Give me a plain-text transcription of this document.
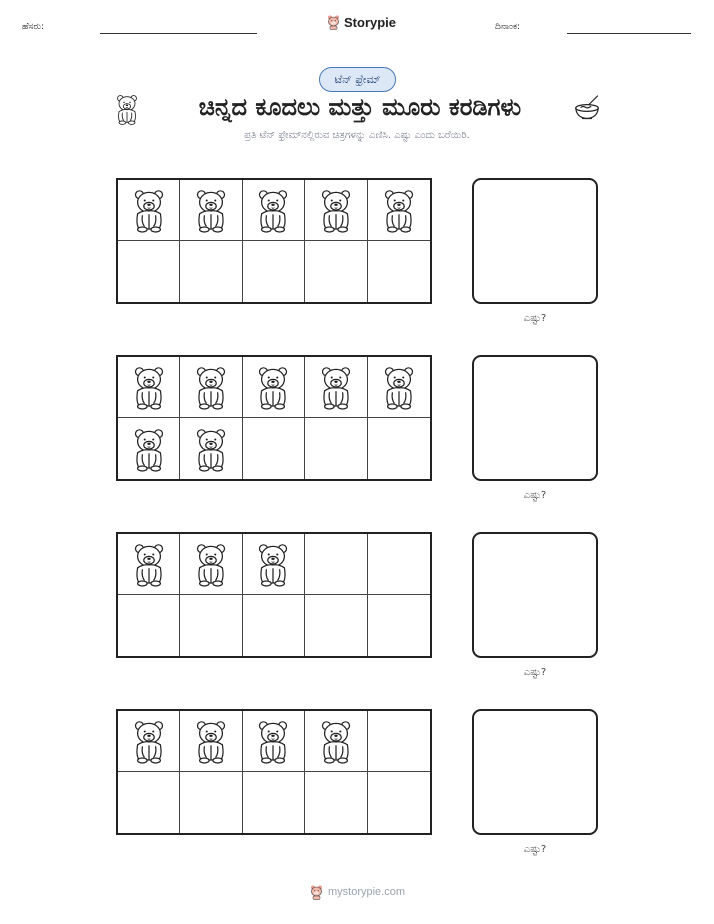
ಹೆಸರು:	Storypie	ದಿನಾಂಕ:
ಟೆನ್ ಫ್ರೇಮ್
ಚಿನ್ನದ ಕೂದಲು ಮತ್ತು ಮೂರು ಕರಡಿಗಳು
ಪ್ರತಿ ಟೆನ್ ಫ್ರೇಮ್‌ನಲ್ಲಿರುವ ಚಿತ್ರಗಳನ್ನು ಎಣಿಸಿ. ಎಷ್ಟು ಎಂದು ಬರೆಯಿರಿ.
ಎಷ್ಟು?
ಎಷ್ಟು?
ಎಷ್ಟು?
ಎಷ್ಟು?
mystorypie.com
